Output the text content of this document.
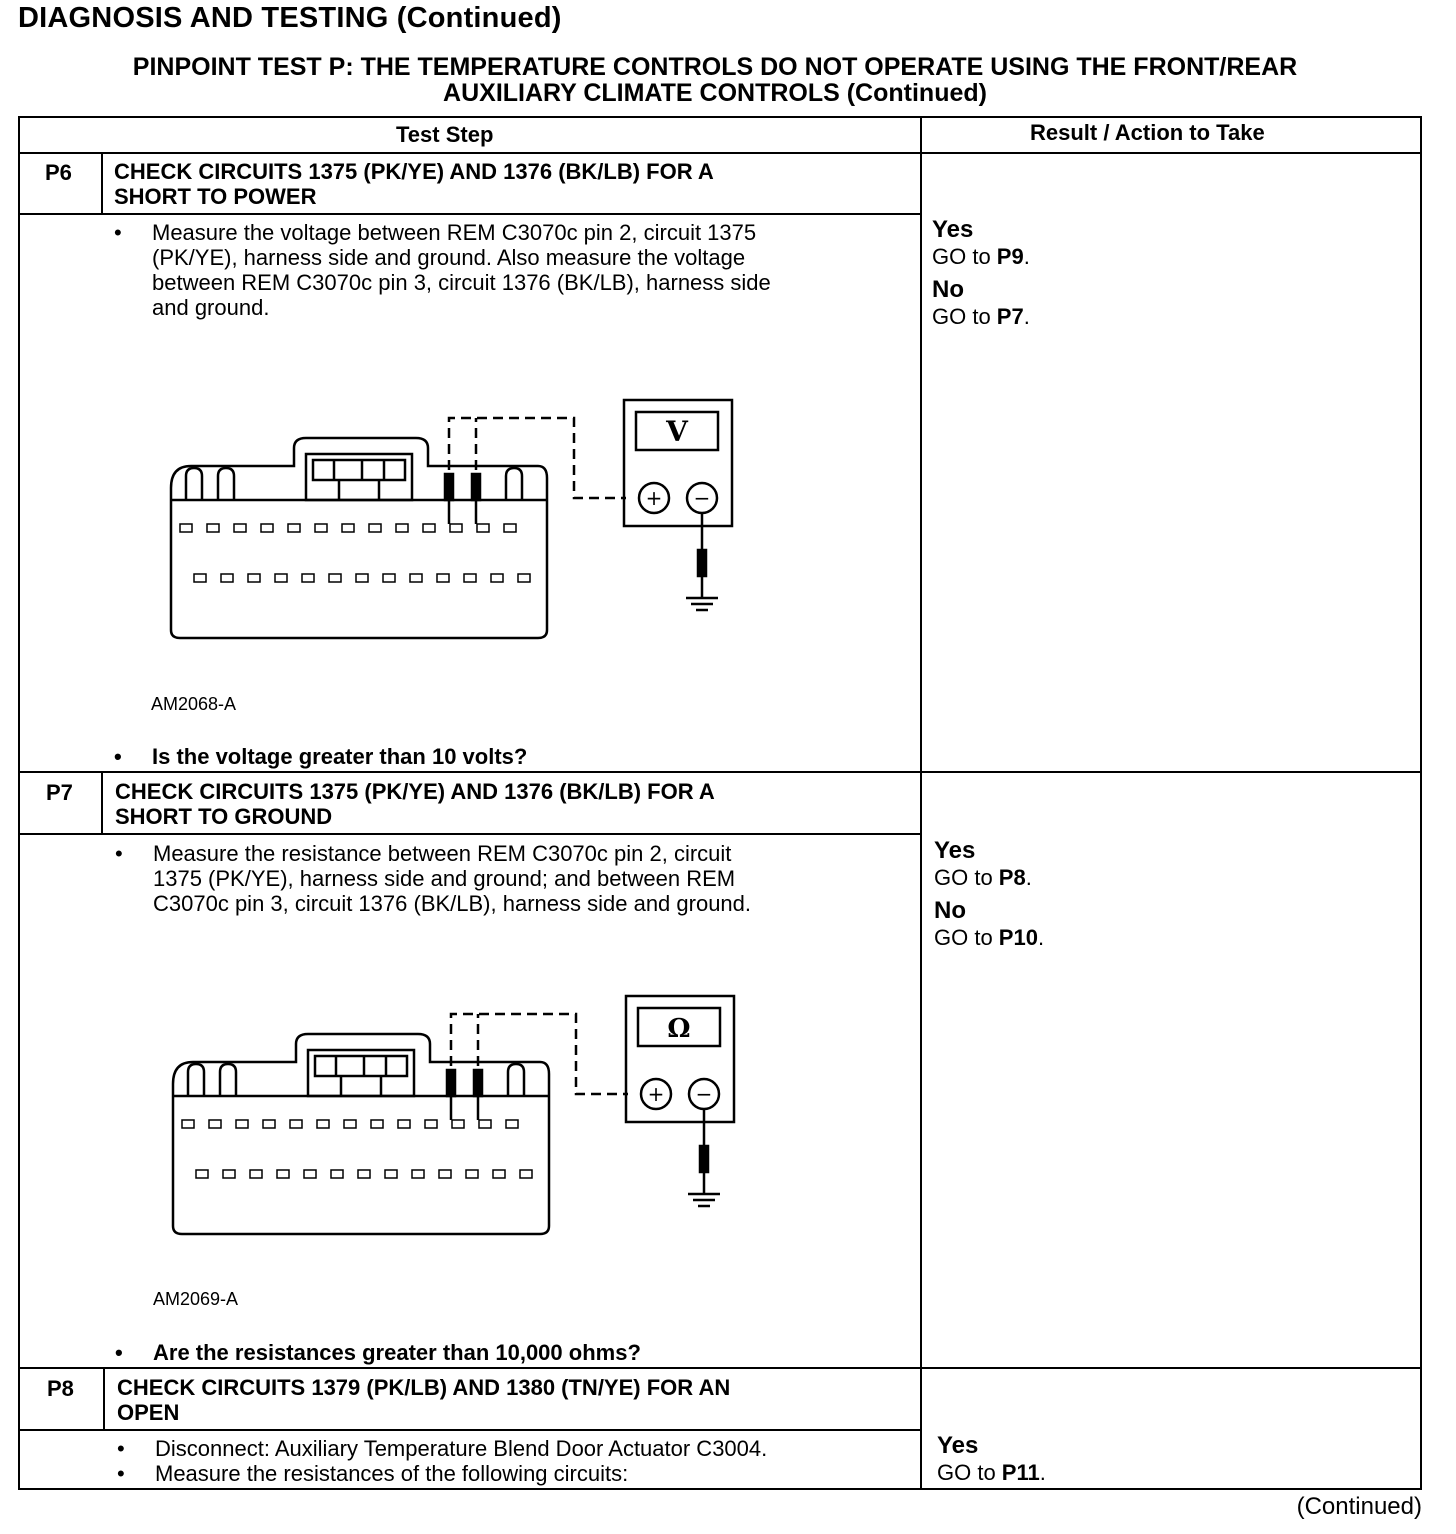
DIAGNOSIS AND TESTING (Continued)
PINPOINT TEST P: THE TEMPERATURE CONTROLS DO NOT OPERATE USING THE FRONT/REAR
AUXILIARY CLIMATE CONTROLS (Continued)
Test Step	Result / Action to Take
P6 CHECK CIRCUITS 1375 (PK/YE) AND 1376 (BK/LB) FOR A
SHORT TO POWER
• Measure the voltage between REM C3070c pin 2, circuit 1375
(PK/YE), harness side and ground. Also measure the voltage
between REM C3070c pin 3, circuit 1376 (BK/LB), harness side
and ground.
V
+ −
AM2068-A
• Is the voltage greater than 10 volts?
Yes
GO to P9.
No
GO to P7.
P7 CHECK CIRCUITS 1375 (PK/YE) AND 1376 (BK/LB) FOR A
SHORT TO GROUND
• Measure the resistance between REM C3070c pin 2, circuit
1375 (PK/YE), harness side and ground; and between REM
C3070c pin 3, circuit 1376 (BK/LB), harness side and ground.
Ω
+ −
AM2069-A
• Are the resistances greater than 10,000 ohms?
Yes
GO to P8.
No
GO to P10.
P8 CHECK CIRCUITS 1379 (PK/LB) AND 1380 (TN/YE) FOR AN
OPEN
• Disconnect: Auxiliary Temperature Blend Door Actuator C3004.
• Measure the resistances of the following circuits:
Yes
GO to P11.
(Continued)
